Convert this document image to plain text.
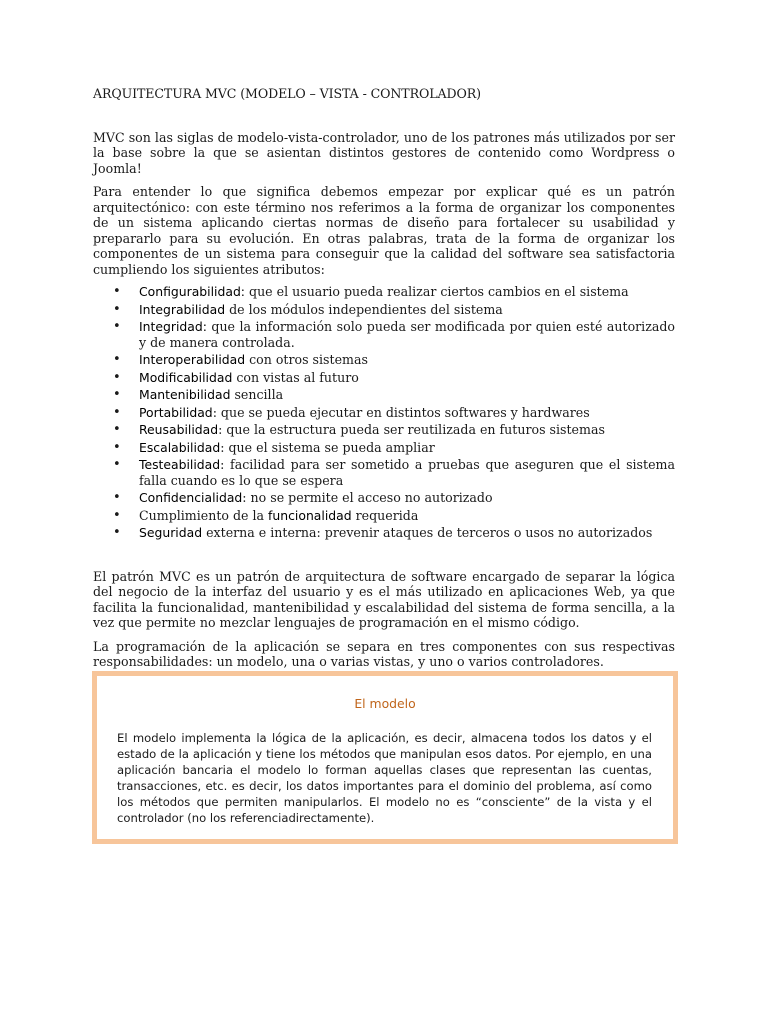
ARQUITECTURA MVC (MODELO – VISTA - CONTROLADOR)

MVC son las siglas de modelo-vista-controlador, uno de los patrones más utilizados por ser la base sobre la que se asientan distintos gestores de contenido como Wordpress o Joomla!

Para entender lo que significa debemos empezar por explicar qué es un patrón arquitectónico: con este término nos referimos a la forma de organizar los componentes de un sistema aplicando ciertas normas de diseño para fortalecer su usabilidad y prepararlo para su evolución. En otras palabras, trata de la forma de organizar los componentes de un sistema para conseguir que la calidad del software sea satisfactoria cumpliendo los siguientes atributos:

• Configurabilidad: que el usuario pueda realizar ciertos cambios en el sistema
• Integrabilidad de los módulos independientes del sistema
• Integridad: que la información solo pueda ser modificada por quien esté autorizado y de manera controlada.
• Interoperabilidad con otros sistemas
• Modificabilidad con vistas al futuro
• Mantenibilidad sencilla
• Portabilidad: que se pueda ejecutar en distintos softwares y hardwares
• Reusabilidad: que la estructura pueda ser reutilizada en futuros sistemas
• Escalabilidad: que el sistema se pueda ampliar
• Testeabilidad: facilidad para ser sometido a pruebas que aseguren que el sistema falla cuando es lo que se espera
• Confidencialidad: no se permite el acceso no autorizado
• Cumplimiento de la funcionalidad requerida
• Seguridad externa e interna: prevenir ataques de terceros o usos no autorizados

El patrón MVC es un patrón de arquitectura de software encargado de separar la lógica del negocio de la interfaz del usuario y es el más utilizado en aplicaciones Web, ya que facilita la funcionalidad, mantenibilidad y escalabilidad del sistema de forma sencilla, a la vez que permite no mezclar lenguajes de programación en el mismo código.

La programación de la aplicación se separa en tres componentes con sus respectivas responsabilidades: un modelo, una o varias vistas, y uno o varios controladores.

El modelo

El modelo implementa la lógica de la aplicación, es decir, almacena todos los datos y el estado de la aplicación y tiene los métodos que manipulan esos datos. Por ejemplo, en una aplicación bancaria el modelo lo forman aquellas clases que representan las cuentas, transacciones, etc. es decir, los datos importantes para el dominio del problema, así como los métodos que permiten manipularlos. El modelo no es “consciente” de la vista y el controlador (no los referenciadirectamente).
